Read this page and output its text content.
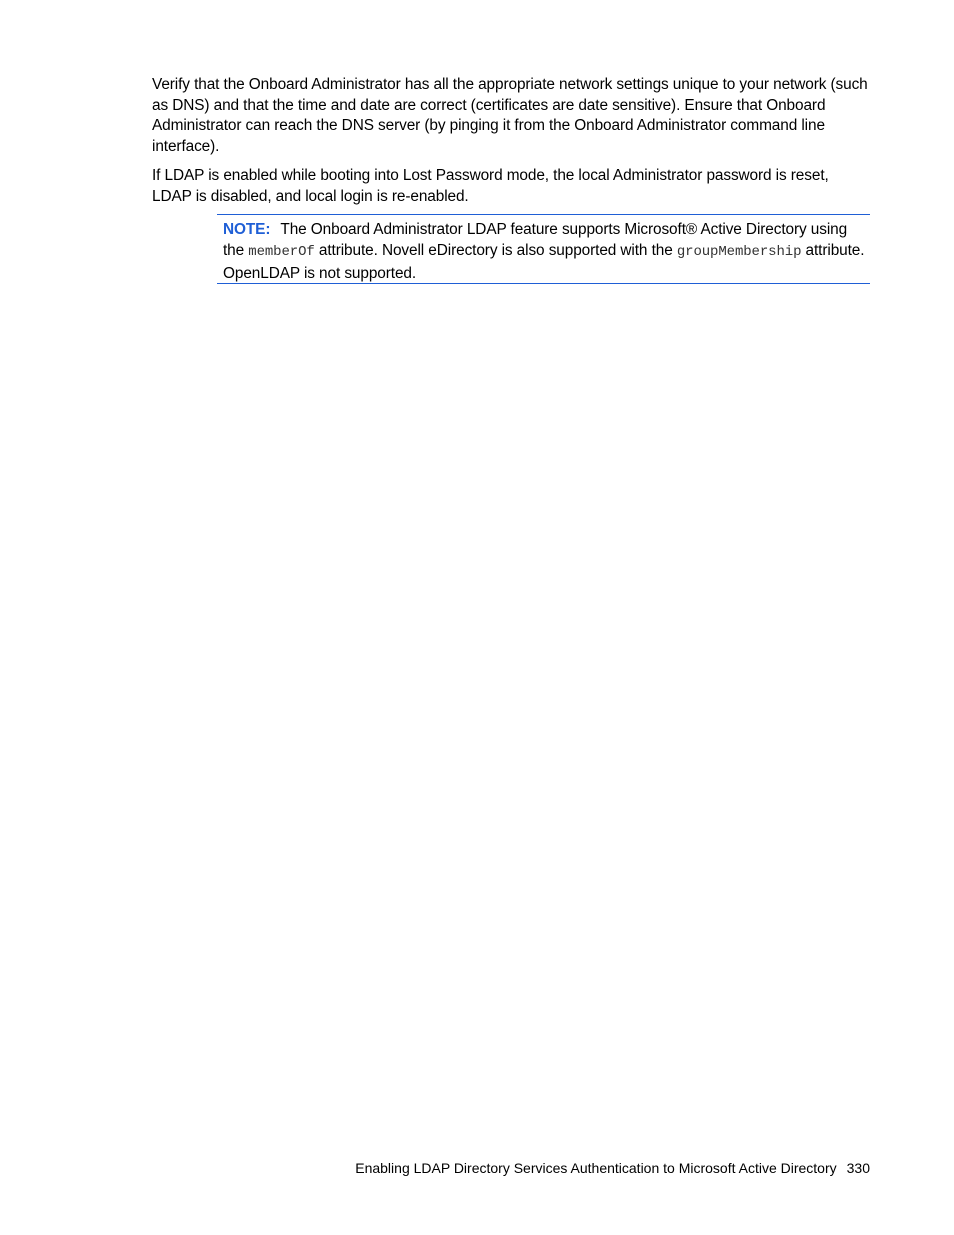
Verify that the Onboard Administrator has all the appropriate network settings unique to your network (such as DNS) and that the time and date are correct (certificates are date sensitive). Ensure that Onboard Administrator can reach the DNS server (by pinging it from the Onboard Administrator command line interface).

If LDAP is enabled while booting into Lost Password mode, the local Administrator password is reset, LDAP is disabled, and local login is re-enabled.

NOTE: The Onboard Administrator LDAP feature supports Microsoft® Active Directory using the memberOf attribute. Novell eDirectory is also supported with the groupMembership attribute. OpenLDAP is not supported.

Enabling LDAP Directory Services Authentication to Microsoft Active Directory 330
